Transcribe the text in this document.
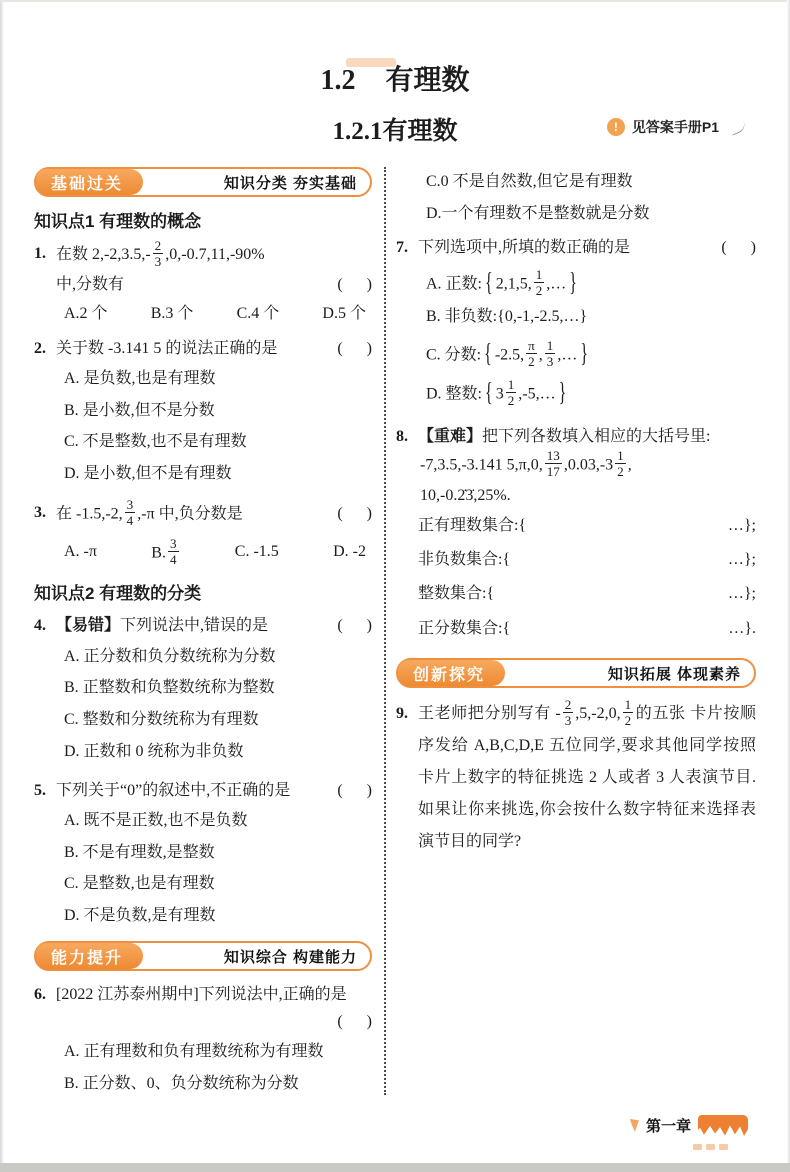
1.2 有理数
1.2.1有理数	!	见答案手册P1
基础过关	知识分类 夯实基础
知识点1 有理数的概念
1. 在数 $2,-2,3.5,- \frac{2}{3} ,0,-0.7,11,-90\%$
中,分数有	(      )
A.2 个	B.3 个	C.4 个	D.5 个
2. 关于数 -3.141 5 的说法正确的是	(      )
A. 是负数,也是有理数
B. 是小数,但不是分数
C. 不是整数,也不是有理数
D. 是小数,但不是有理数
3. 在 -1.5,-2, $\frac{3}{4} ,-\pi$ 中,负分数是	(      )
A. -π	B. $\frac{3}{4}$	C. -1.5	D. -2
知识点2 有理数的分类
4. 【易错】下列说法中,错误的是	(      )
A. 正分数和负分数统称为分数
B. 正整数和负整数统称为整数
C. 整数和分数统称为有理数
D. 正数和 0 统称为非负数
5. 下列关于“0”的叙述中,不正确的是	(      )
A. 既不是正数,也不是负数
B. 不是有理数,是整数
C. 是整数,也是有理数
D. 不是负数,是有理数
能力提升	知识综合 构建能力
6. [2022 江苏泰州期中]下列说法中,正确的是
(      )
A. 正有理数和负有理数统称为有理数
B. 正分数、0、负分数统称为分数
C.0 不是自然数,但它是有理数
D.一个有理数不是整数就是分数
7. 下列选项中,所填的数正确的是	(      )
A. 正数: { 2,1,5, $\frac{1}{2}$ ,… }
B. 非负数:{0,-1,-2.5,…}
C. 分数: { -2.5, $\frac{\pi}{2}$ , $\frac{1}{3}$ ,… }
D. 整数: { $3 \frac{1}{2}$ ,-5,… }
8. 【重难】把下列各数填入相应的大括号里:
-7,3.5,-3.141 5,π,0, $\frac{13}{17} ,0.03,-3 \frac{1}{2}$ ,
10,-0.2̇3̇,25%.
正有理数集合:{	…};
非负数集合:{	…};
整数集合:{	…};
正分数集合:{	…}.
创新探究	知识拓展 体现素养
9. 王老师把分别写有 - $\frac{2}{3} ,5,-2,0$, $\frac{1}{2}$ 的五张 卡片按顺序发给 A,B,C,D,E 五位同学,要求其他同学按照卡片上数字的特征挑选 2 人或者 3 人表演节目.如果让你来挑选,你会按什么数字特征来选择表演节目的同学?
第一章
